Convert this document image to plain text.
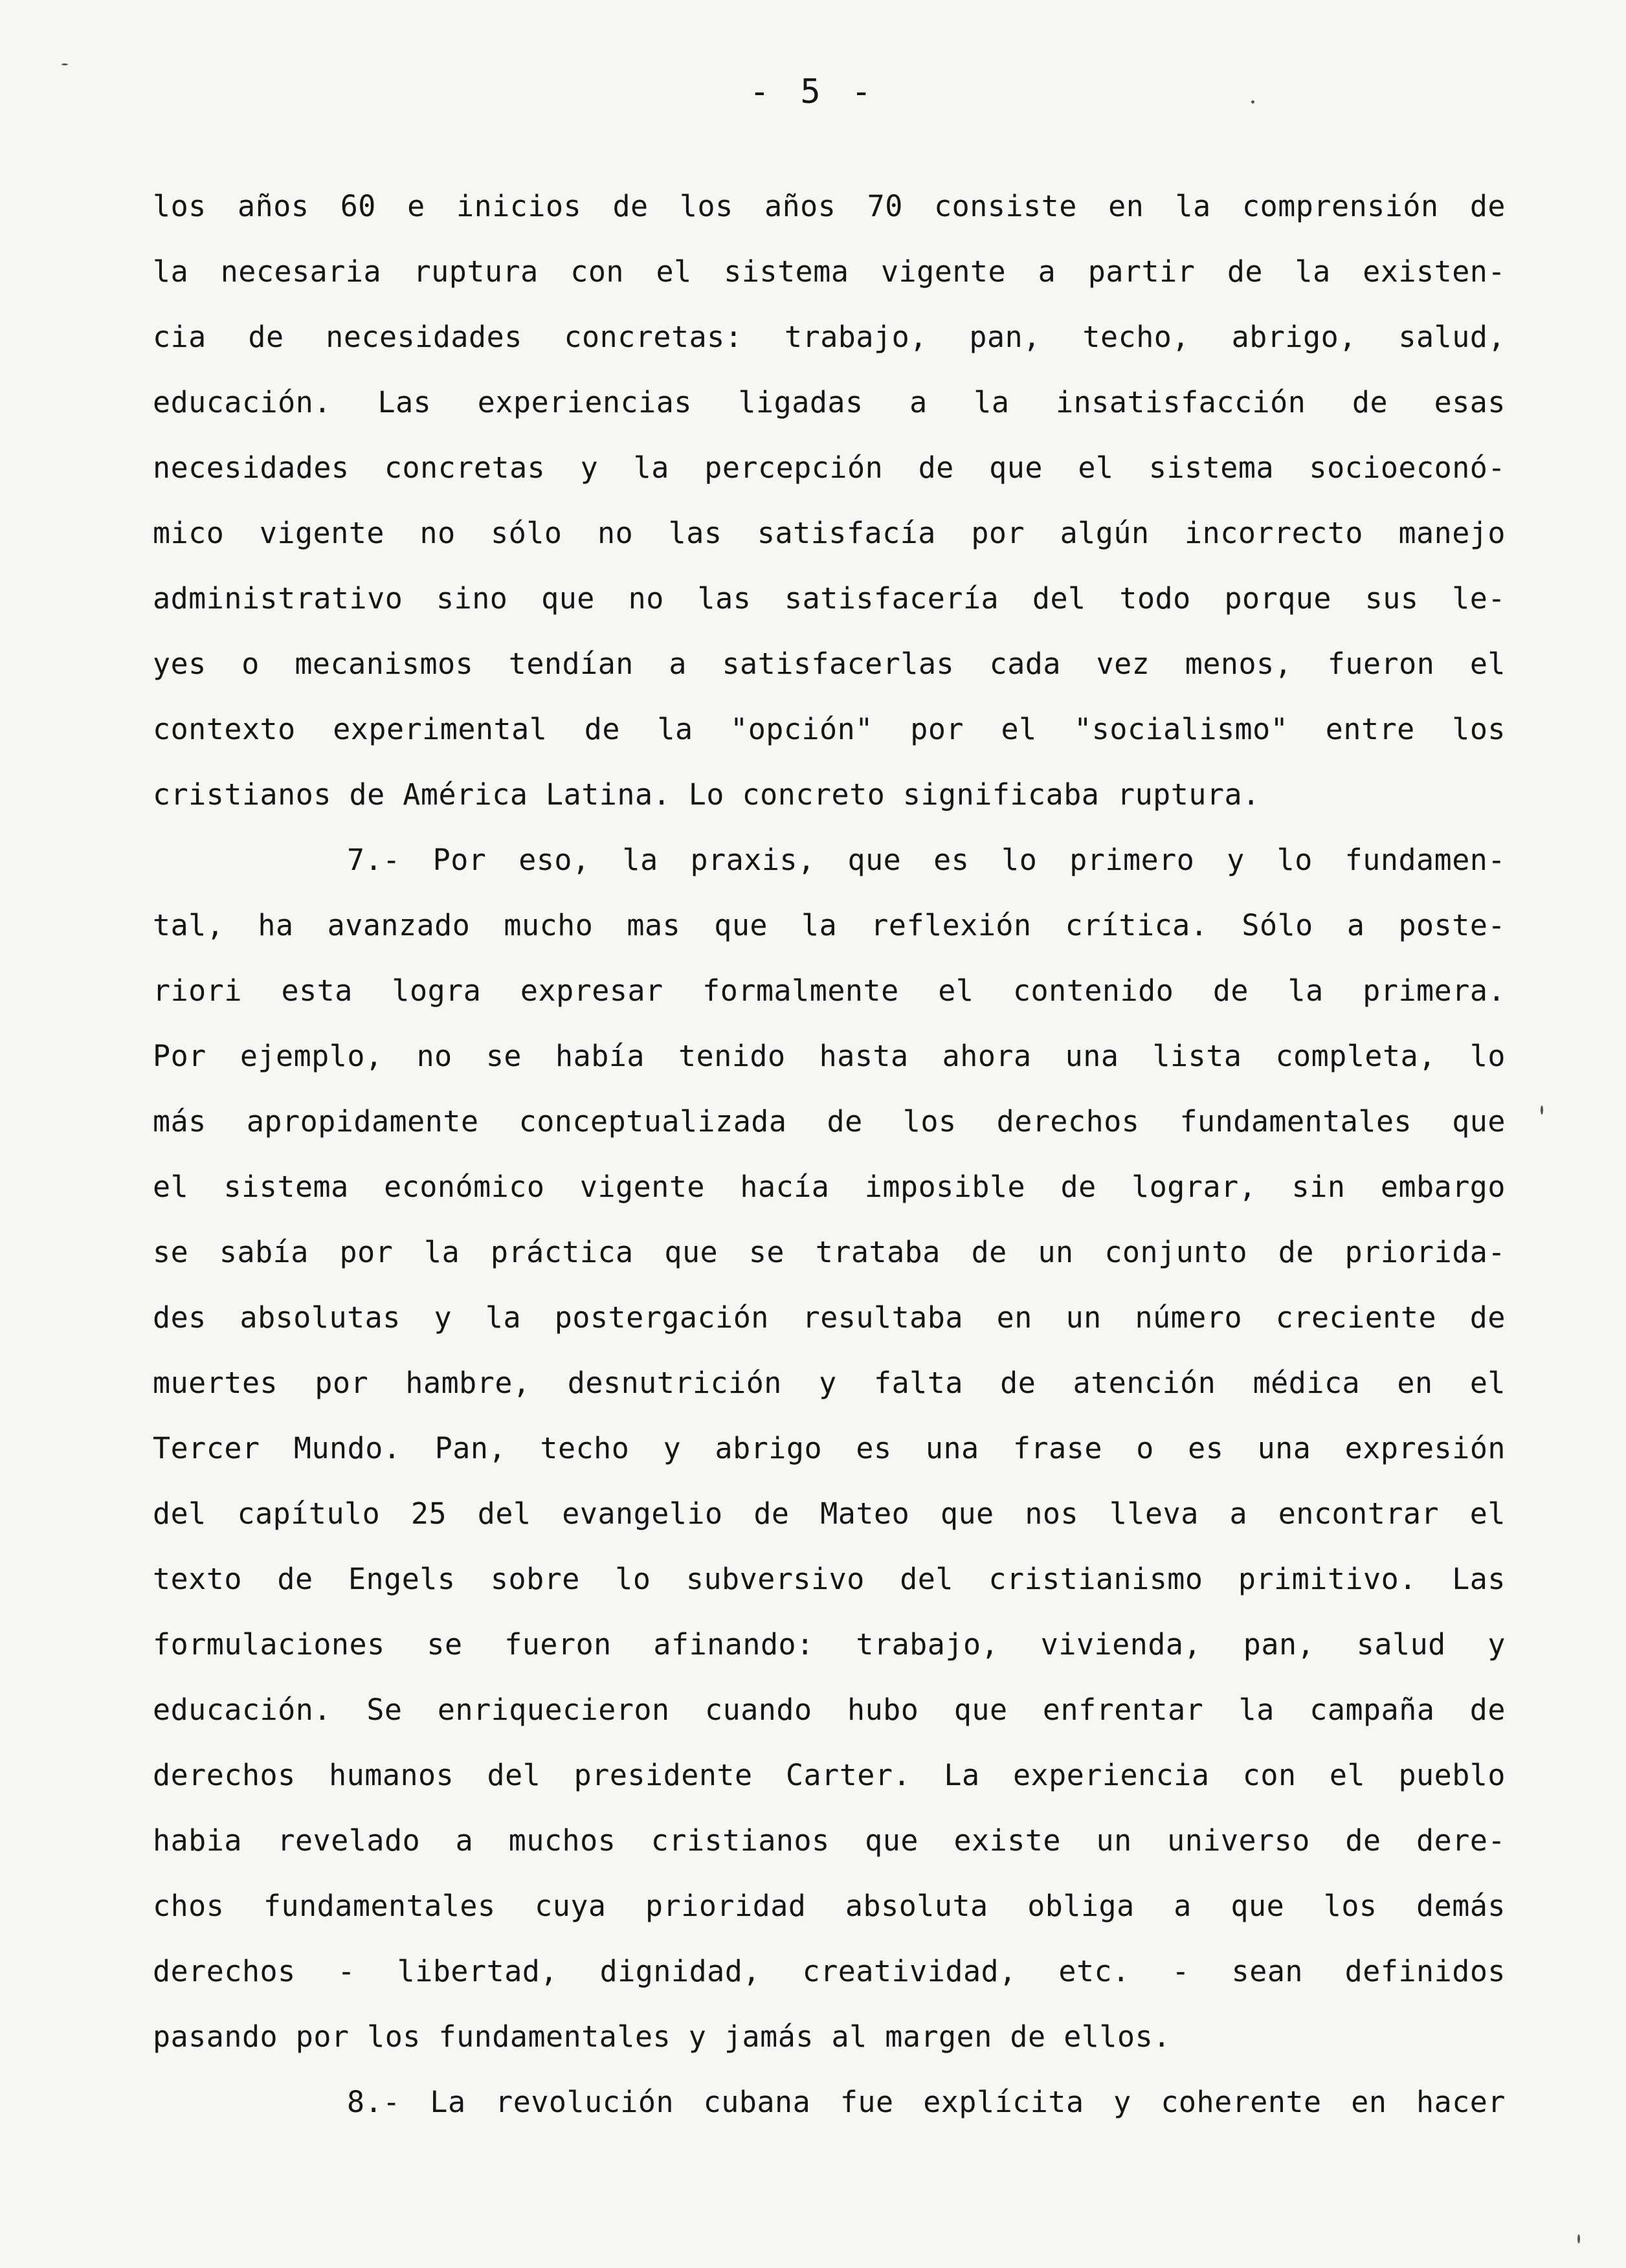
- 5 -
los años 60 e inicios de los años 70 consiste en la comprensión de
la necesaria ruptura con el sistema vigente a partir de la existen-
cia de necesidades concretas: trabajo, pan, techo, abrigo, salud,
educación. Las experiencias ligadas a la insatisfacción de esas
necesidades concretas y la percepción de que el sistema socioeconó-
mico vigente no sólo no las satisfacía por algún incorrecto manejo
administrativo sino que no las satisfacería del todo porque sus le-
yes o mecanismos tendían a satisfacerlas cada vez menos, fueron el
contexto experimental de la "opción" por el "socialismo" entre los
cristianos de América Latina. Lo concreto significaba ruptura.
7.- Por eso, la praxis, que es lo primero y lo fundamen-
tal, ha avanzado mucho mas que la reflexión crítica. Sólo a poste-
riori esta logra expresar formalmente el contenido de la primera.
Por ejemplo, no se había tenido hasta ahora una lista completa, lo
más apropidamente conceptualizada de los derechos fundamentales que
el sistema económico vigente hacía imposible de lograr, sin embargo
se sabía por la práctica que se trataba de un conjunto de priorida-
des absolutas y la postergación resultaba en un número creciente de
muertes por hambre, desnutrición y falta de atención médica en el
Tercer Mundo. Pan, techo y abrigo es una frase o es una expresión
del capítulo 25 del evangelio de Mateo que nos lleva a encontrar el
texto de Engels sobre lo subversivo del cristianismo primitivo. Las
formulaciones se fueron afinando: trabajo, vivienda, pan, salud y
educación. Se enriquecieron cuando hubo que enfrentar la campaña de
derechos humanos del presidente Carter. La experiencia con el pueblo
habia revelado a muchos cristianos que existe un universo de dere-
chos fundamentales cuya prioridad absoluta obliga a que los demás
derechos - libertad, dignidad, creatividad, etc. - sean definidos
pasando por los fundamentales y jamás al margen de ellos.
8.- La revolución cubana fue explícita y coherente en hacer
